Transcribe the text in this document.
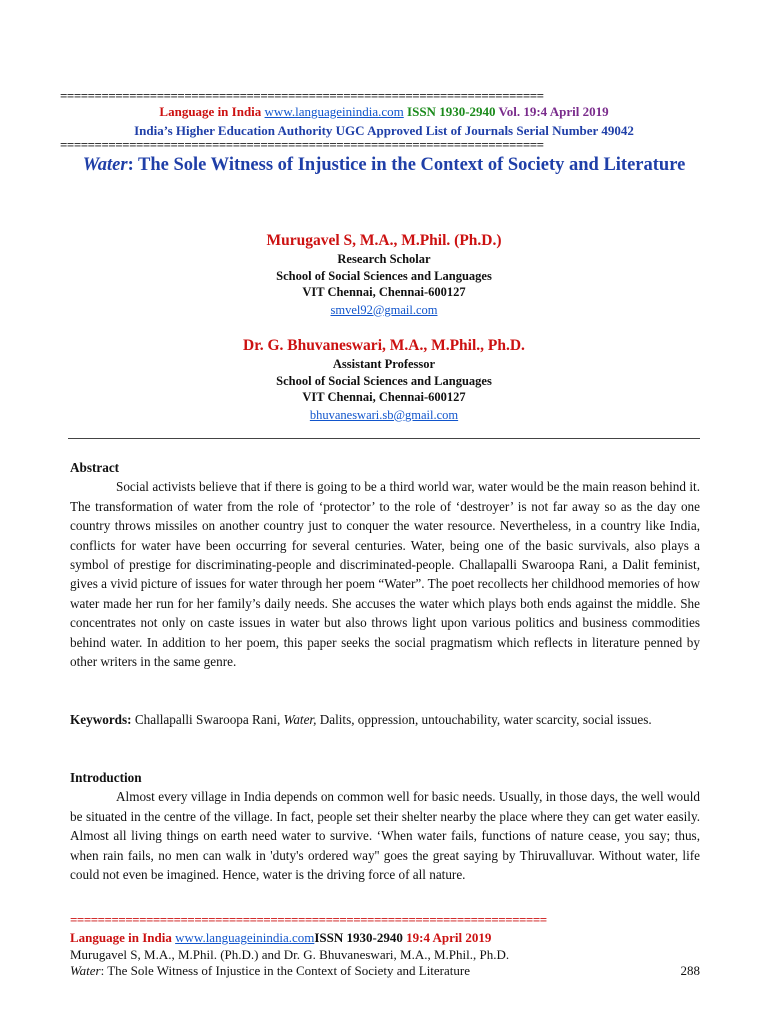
======================================================================
Language in India www.languageinindia.com ISSN 1930-2940 Vol. 19:4 April 2019
India’s Higher Education Authority UGC Approved List of Journals Serial Number 49042
======================================================================
Water: The Sole Witness of Injustice in the Context of Society and Literature
Murugavel S, M.A., M.Phil. (Ph.D.)
Research Scholar
School of Social Sciences and Languages
VIT Chennai, Chennai-600127
smvel92@gmail.com
Dr. G. Bhuvaneswari, M.A., M.Phil., Ph.D.
Assistant Professor
School of Social Sciences and Languages
VIT Chennai, Chennai-600127
bhuvaneswari.sb@gmail.com
Abstract
Social activists believe that if there is going to be a third world war, water would be the main reason behind it. The transformation of water from the role of ‘protector’ to the role of ‘destroyer’ is not far away so as the day one country throws missiles on another country just to conquer the water resource. Nevertheless, in a country like India, conflicts for water have been occurring for several centuries. Water, being one of the basic survivals, also plays a symbol of prestige for discriminating-people and discriminated-people. Challapalli Swaroopa Rani, a Dalit feminist, gives a vivid picture of issues for water through her poem “Water”. The poet recollects her childhood memories of how water made her run for her family’s daily needs. She accuses the water which plays both ends against the middle. She concentrates not only on caste issues in water but also throws light upon various politics and business commodities behind water. In addition to her poem, this paper seeks the social pragmatism which reflects in literature penned by other writers in the same genre.
Keywords: Challapalli Swaroopa Rani, Water, Dalits, oppression, untouchability, water scarcity, social issues.
Introduction
Almost every village in India depends on common well for basic needs. Usually, in those days, the well would be situated in the centre of the village. In fact, people set their shelter nearby the place where they can get water easily. Almost all living things on earth need water to survive. ‘When water fails, functions of nature cease, you say; thus, when rain fails, no men can walk in 'duty's ordered way'' goes the great saying by Thiruvalluvar. Without water, life could not even be imagined. Hence, water is the driving force of all nature.
=====================================================================
Language in India www.languageinindia.comISSN 1930-2940 19:4 April 2019
Murugavel S, M.A., M.Phil. (Ph.D.) and Dr. G. Bhuvaneswari, M.A., M.Phil., Ph.D.
Water: The Sole Witness of Injustice in the Context of Society and Literature	288
